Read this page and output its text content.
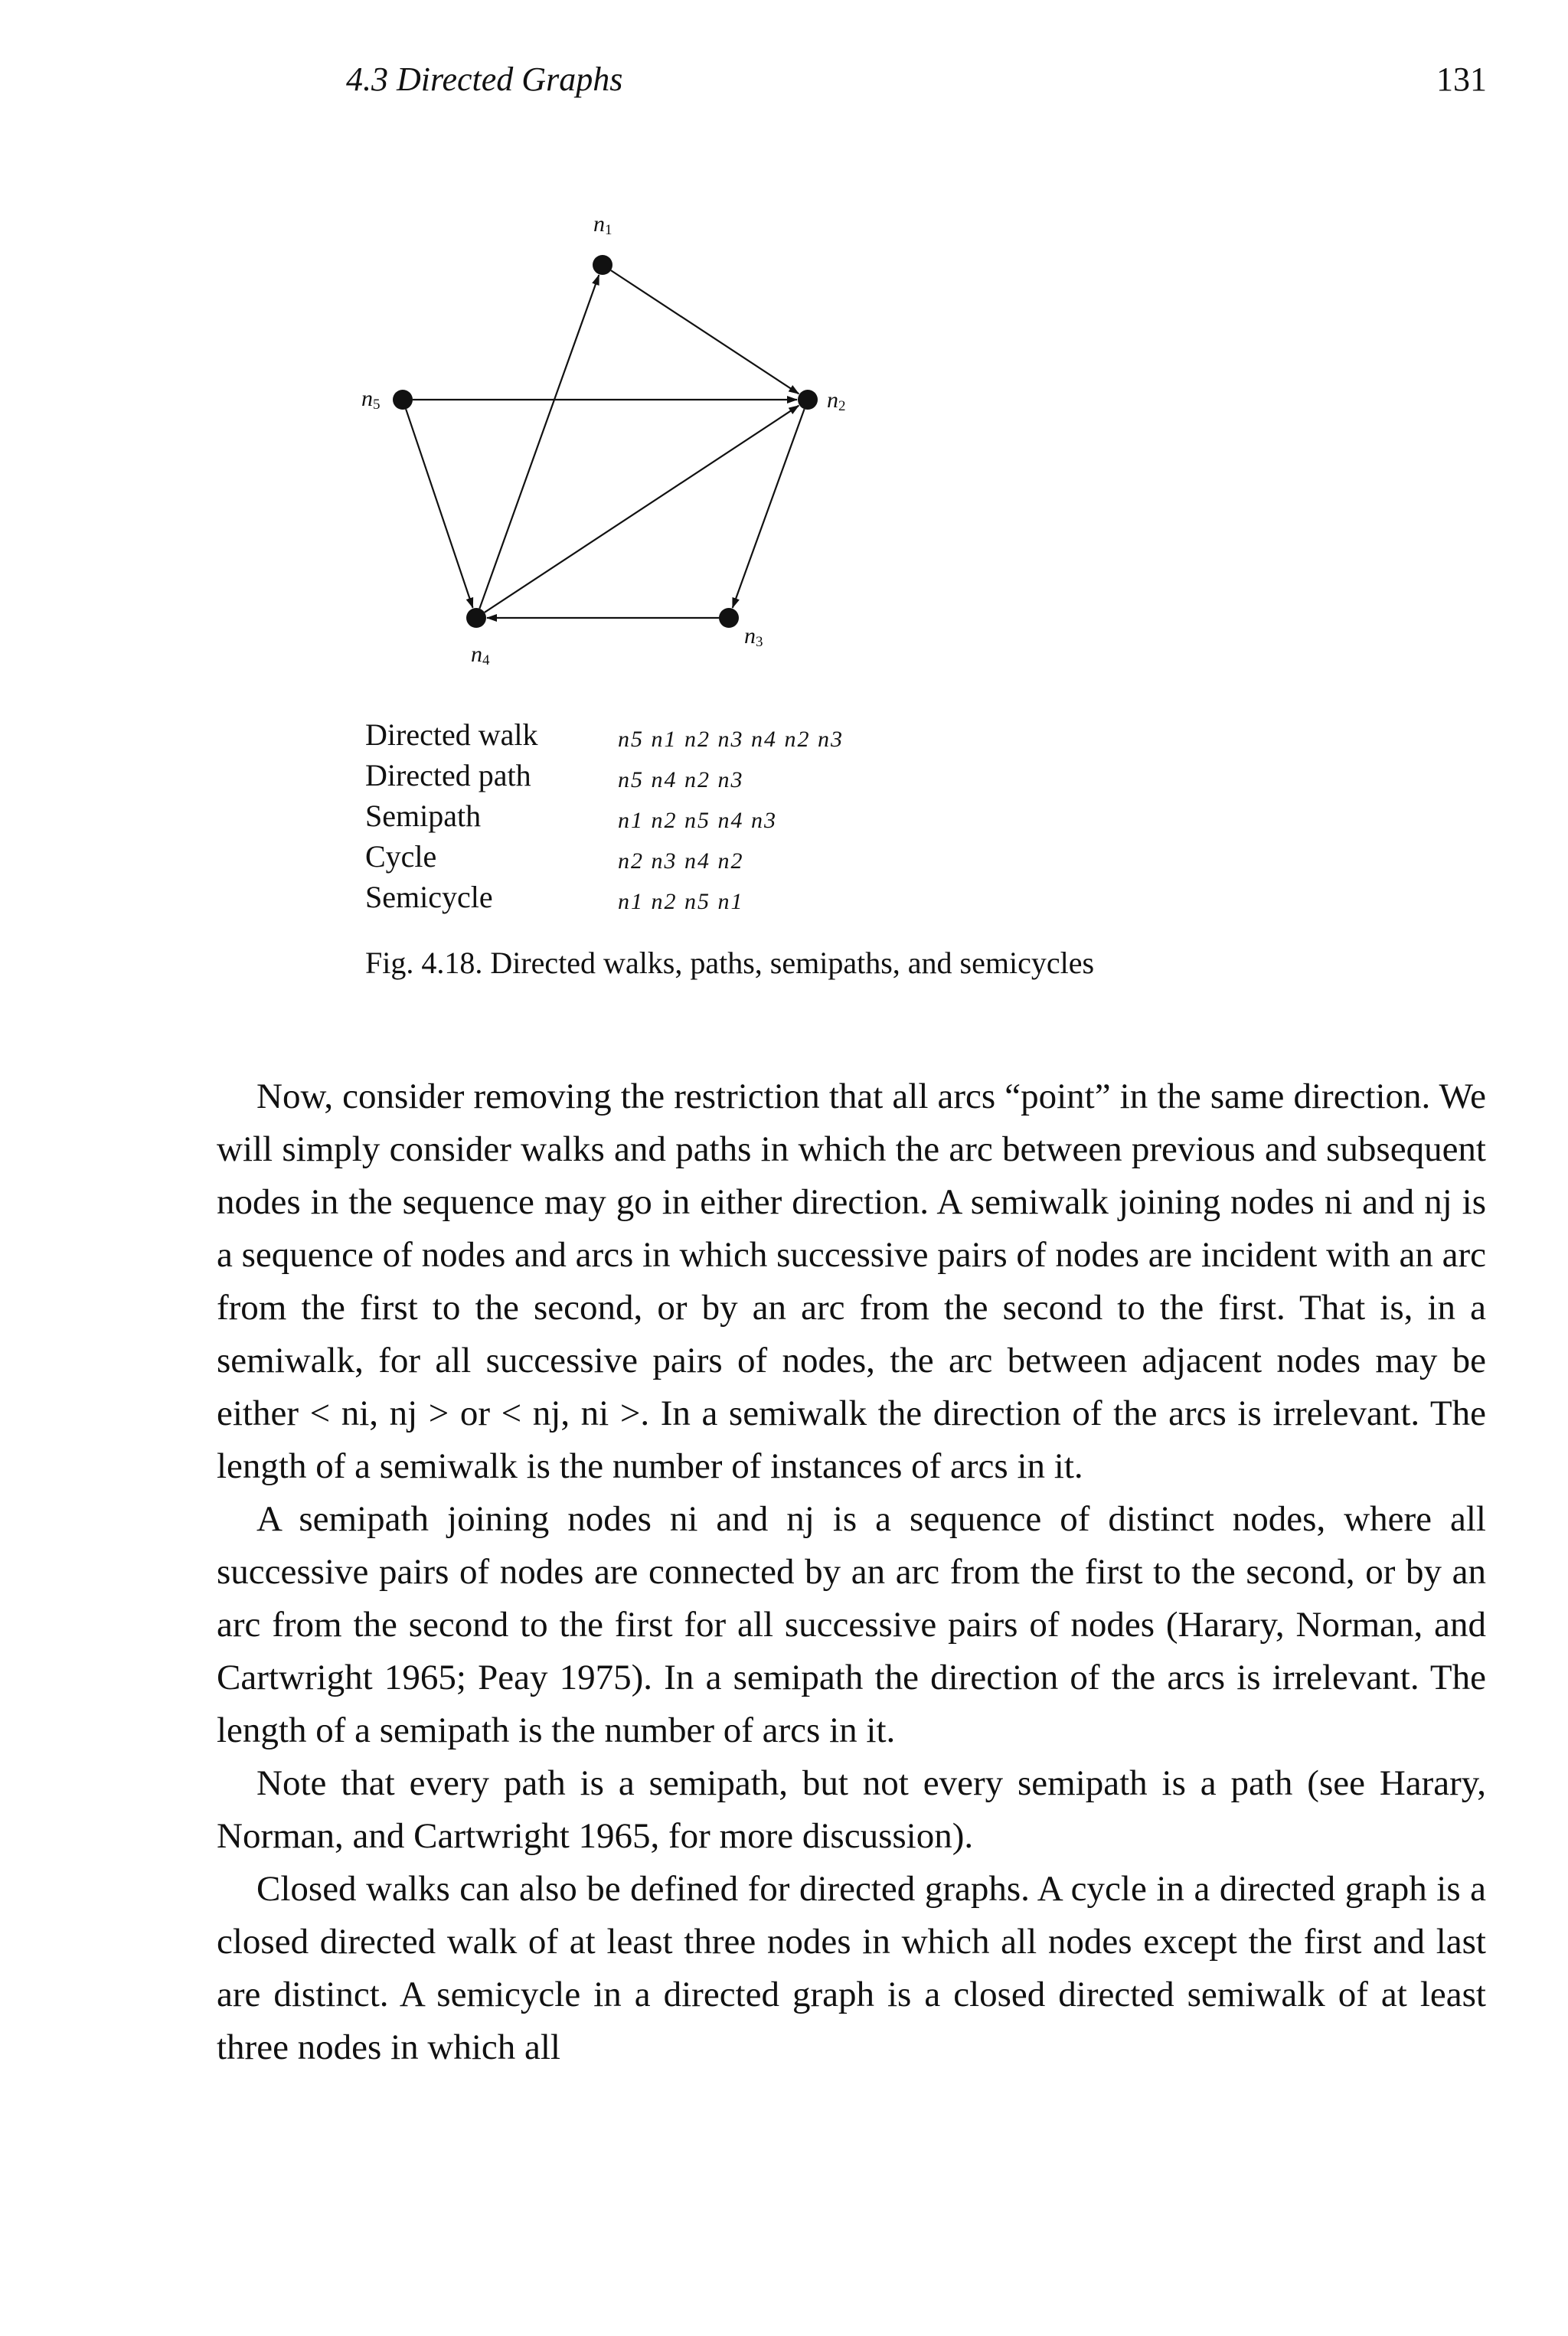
4.3 Directed Graphs	131
$n_1$
$n_2$
$n_3$
$n_4$
$n_5$
Directed walk	n5 n1 n2 n3 n4 n2 n3
Directed path	n5 n4 n2 n3
Semipath	n1 n2 n5 n4 n3
Cycle	n2 n3 n4 n2
Semicycle	n1 n2 n5 n1
Fig. 4.18. Directed walks, paths, semipaths, and semicycles

Now, consider removing the restriction that all arcs “point” in the same direction. We will simply consider walks and paths in which the arc between previous and subsequent nodes in the sequence may go in either direction. A semiwalk joining nodes ni and nj is a sequence of nodes and arcs in which successive pairs of nodes are incident with an arc from the first to the second, or by an arc from the second to the first. That is, in a semiwalk, for all successive pairs of nodes, the arc between adjacent nodes may be either < ni, nj > or < nj, ni >. In a semiwalk the direction of the arcs is irrelevant. The length of a semiwalk is the number of instances of arcs in it.

A semipath joining nodes ni and nj is a sequence of distinct nodes, where all successive pairs of nodes are connected by an arc from the first to the second, or by an arc from the second to the first for all successive pairs of nodes (Harary, Norman, and Cartwright 1965; Peay 1975). In a semipath the direction of the arcs is irrelevant. The length of a semipath is the number of arcs in it.

Note that every path is a semipath, but not every semipath is a path (see Harary, Norman, and Cartwright 1965, for more discussion).

Closed walks can also be defined for directed graphs. A cycle in a directed graph is a closed directed walk of at least three nodes in which all nodes except the first and last are distinct. A semicycle in a directed graph is a closed directed semiwalk of at least three nodes in which all
